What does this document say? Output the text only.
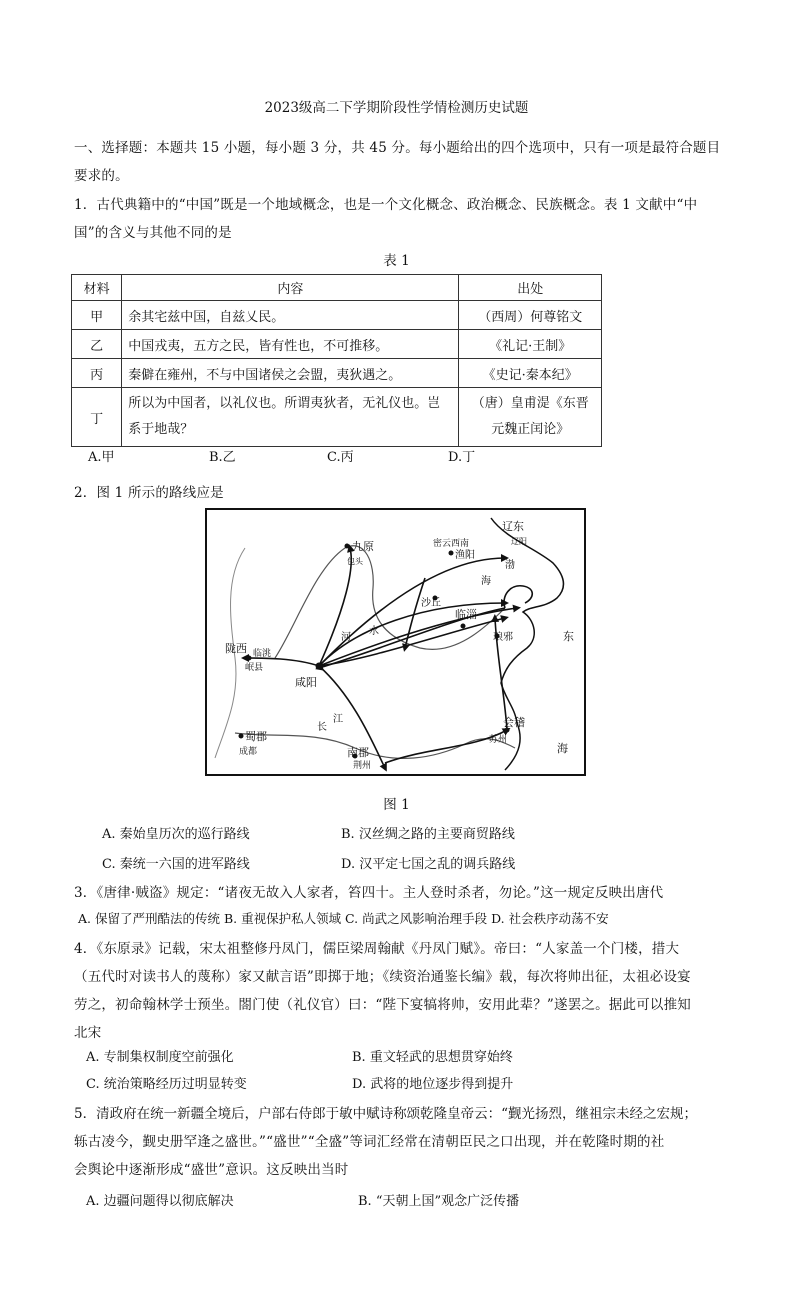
2023级高二下学期阶段性学情检测历史试题
一、选择题：本题共 15 小题，每小题 3 分，共 45 分。每小题给出的四个选项中，只有一项是最符合题目
要求的。
1．古代典籍中的“中国”既是一个地域概念，也是一个文化概念、政治概念、民族概念。表 1 文献中“中
国”的含义与其他不同的是
表 1
材料	内容	出处
甲	余其宅兹中国，自兹乂民。	（西周）何尊铭文
乙	中国戎夷，五方之民，皆有性也，不可推移。	《礼记·王制》
丙	秦僻在雍州，不与中国诸侯之会盟，夷狄遇之。	《史记·秦本纪》
丁	所以为中国者，以礼仪也。所谓夷狄者，无礼仪也。岂系于地哉？	（唐）皇甫湜《东晋元魏正闰论》
A.甲	B.乙	C.丙	D.丁
2．图 1 所示的路线应是
辽东
辽阳
九原
包头
密云西南
渔阳
沙丘
临淄
琅邪
咸阳
陇西 临洮
岷县
蜀郡
成都	南郡
荆州
会稽
苏州
海
海
东
江
长
水
河
渤
图 1
A. 秦始皇历次的巡行路线	B. 汉丝绸之路的主要商贸路线
C. 秦统一六国的进军路线	D. 汉平定七国之乱的调兵路线
3．《唐律·贼盗》规定：“诸夜无故入人家者，笞四十。主人登时杀者，勿论。”这一规定反映出唐代
A. 保留了严刑酷法的传统 B. 重视保护私人领域 C. 尚武之风影响治理手段 D. 社会秩序动荡不安
4．《东原录》记载，宋太祖整修丹凤门，儒臣梁周翰献《丹凤门赋》。帝曰：“人家盖一个门楼，措大
（五代时对读书人的蔑称）家又献言语”即掷于地；《续资治通鉴长编》载，每次将帅出征，太祖必设宴
劳之，初命翰林学士预坐。閤门使（礼仪官）曰：“陛下宴犒将帅，安用此辈？”遂罢之。据此可以推知
北宋
A. 专制集权制度空前强化	B. 重文轻武的思想贯穿始终
C. 统治策略经历过明显转变	D. 武将的地位逐步得到提升
5．清政府在统一新疆全境后，户部右侍郎于敏中赋诗称颂乾隆皇帝云：“觐光扬烈，继祖宗未经之宏规；
轹古凌今，觐史册罕逢之盛世。”“盛世”“全盛”等词汇经常在清朝臣民之口出现，并在乾隆时期的社
会舆论中逐渐形成“盛世”意识。这反映出当时
A. 边疆问题得以彻底解决	B. “天朝上国”观念广泛传播
